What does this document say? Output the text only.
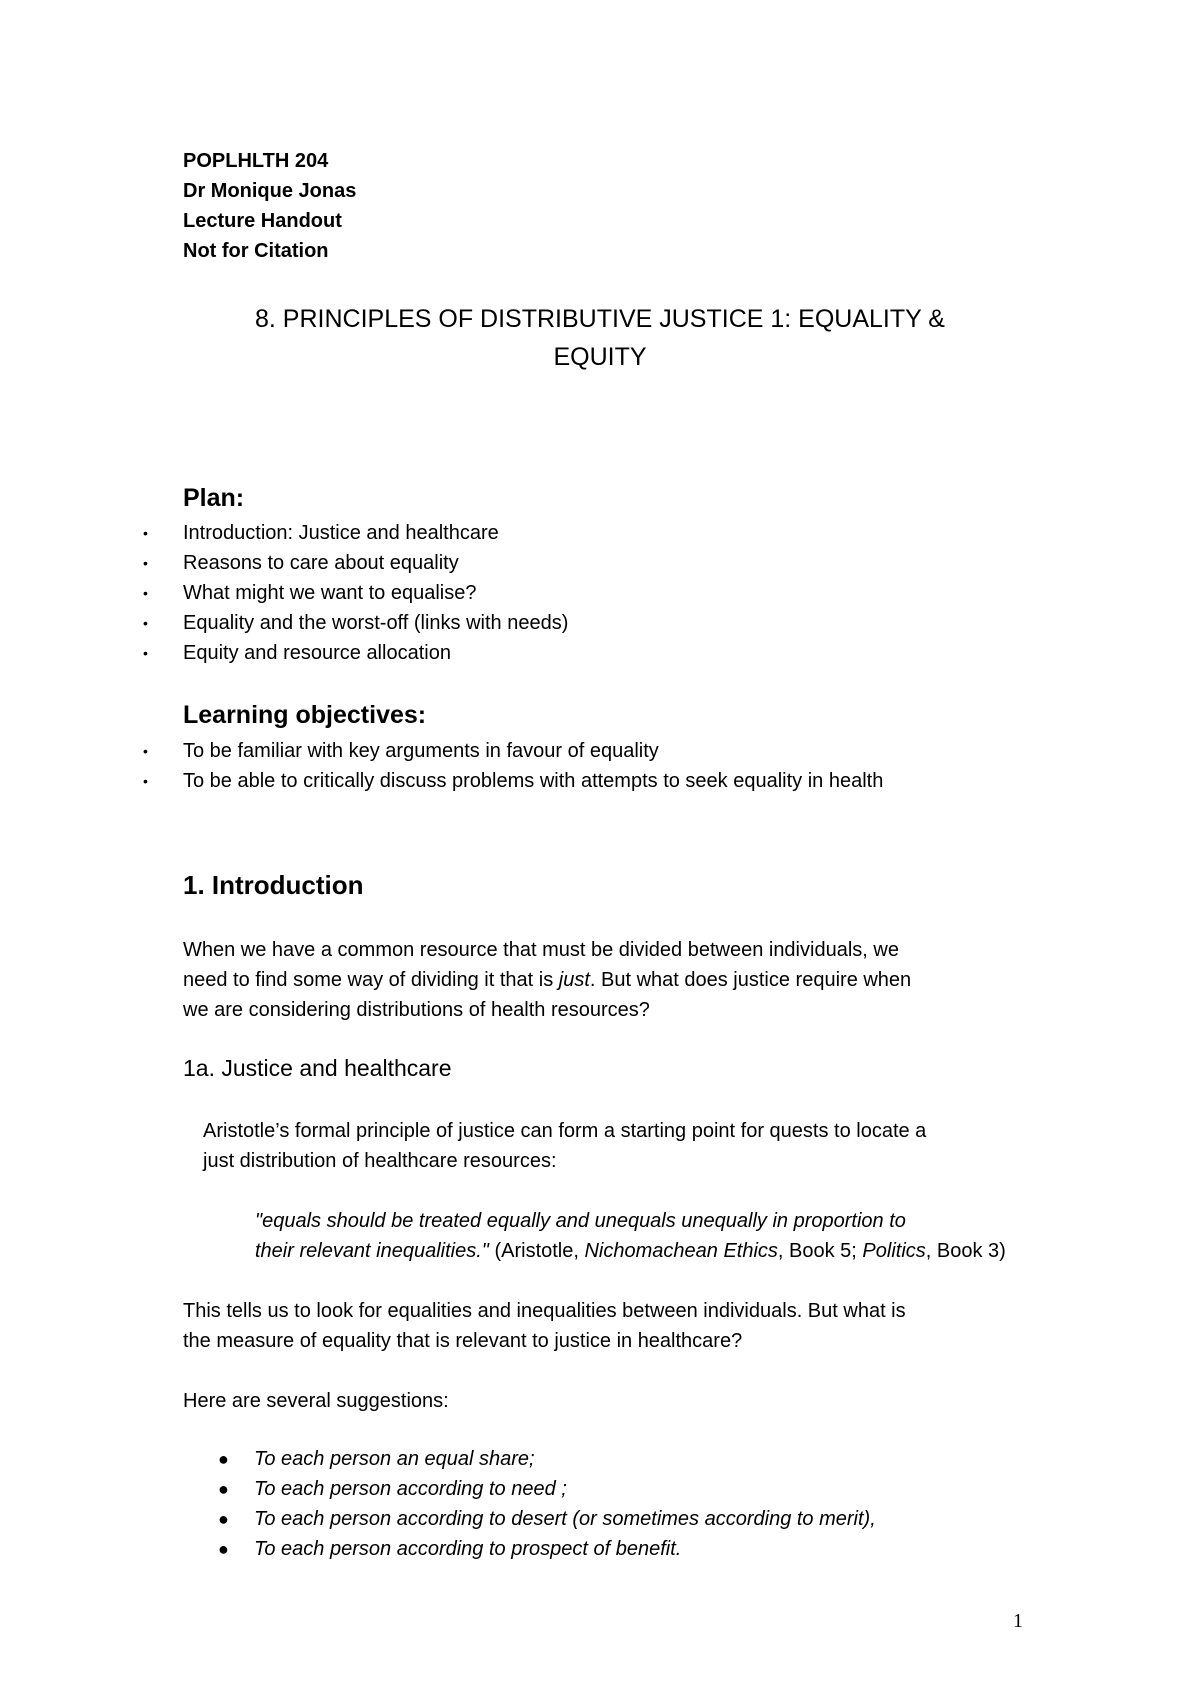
POPLHLTH 204
Dr Monique Jonas
Lecture Handout
Not for Citation
8. PRINCIPLES OF DISTRIBUTIVE JUSTICE 1: EQUALITY &
EQUITY
Plan:
•	Introduction: Justice and healthcare
•	Reasons to care about equality
•	What might we want to equalise?
•	Equality and the worst-off (links with needs)
•	Equity and resource allocation
Learning objectives:
•	To be familiar with key arguments in favour of equality
•	To be able to critically discuss problems with attempts to seek equality in health
1. Introduction
When we have a common resource that must be divided between individuals, we
need to find some way of dividing it that is just. But what does justice require when
we are considering distributions of health resources?
1a. Justice and healthcare
Aristotle’s formal principle of justice can form a starting point for quests to locate a
just distribution of healthcare resources:
"equals should be treated equally and unequals unequally in proportion to
their relevant inequalities." (Aristotle, Nichomachean Ethics, Book 5; Politics, Book 3)
This tells us to look for equalities and inequalities between individuals. But what is
the measure of equality that is relevant to justice in healthcare?
Here are several suggestions:
●	To each person an equal share;
●	To each person according to need ;
●	To each person according to desert (or sometimes according to merit),
●	To each person according to prospect of benefit.
1
